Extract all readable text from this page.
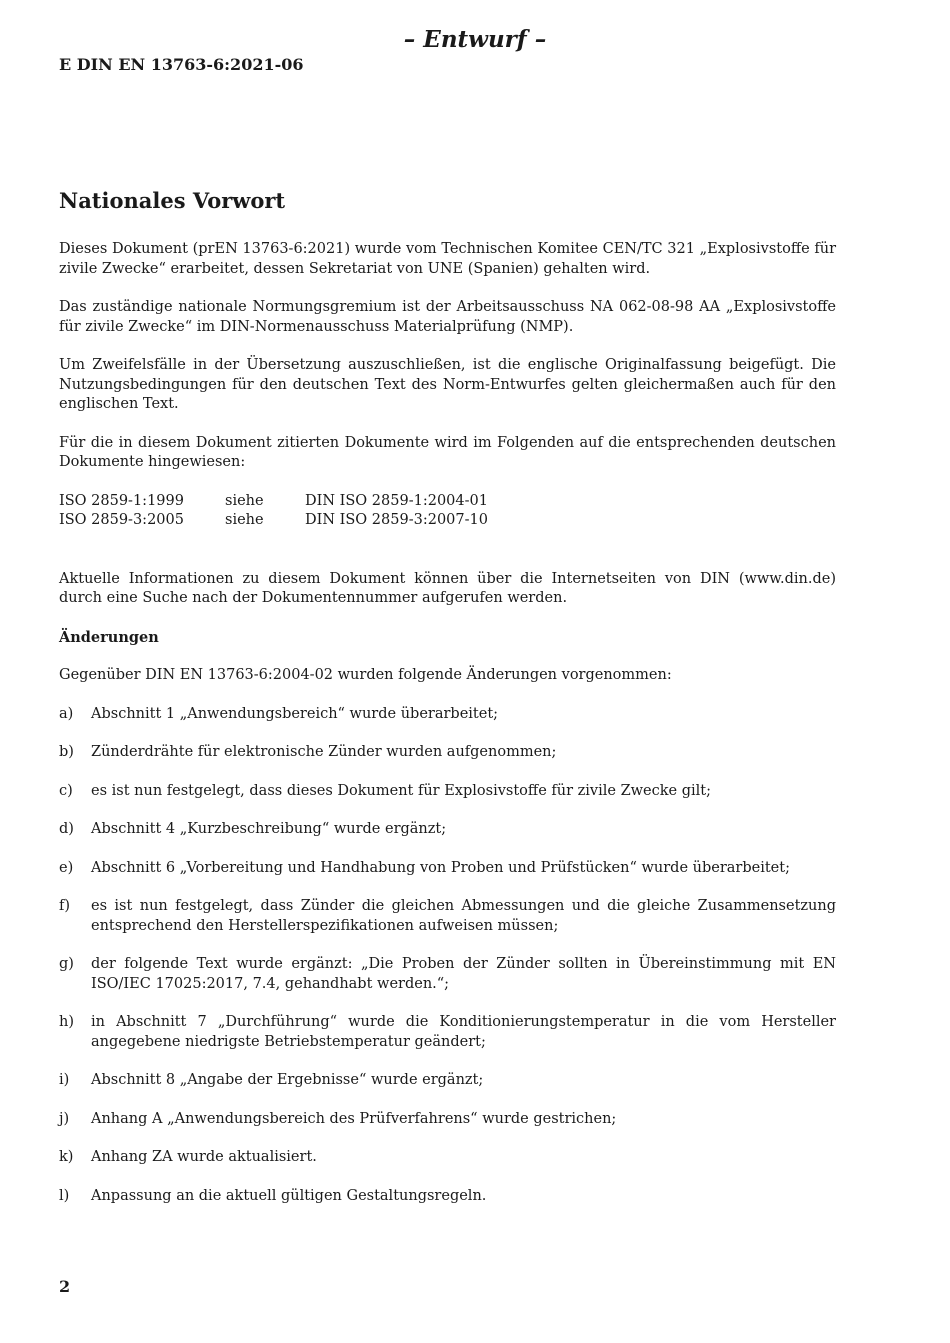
– Entwurf –
E DIN EN 13763-6:2021-06
Nationales Vorwort

Dieses Dokument (prEN 13763-6:2021) wurde vom Technischen Komitee CEN/TC 321 „Explosivstoffe für zivile Zwecke“ erarbeitet, dessen Sekretariat von UNE (Spanien) gehalten wird.

Das zuständige nationale Normungsgremium ist der Arbeitsausschuss NA 062-08-98 AA „Explosivstoffe für zivile Zwecke“ im DIN-Normenausschuss Materialprüfung (NMP).

Um Zweifelsfälle in der Übersetzung auszuschließen, ist die englische Originalfassung beigefügt. Die Nutzungsbedingungen für den deutschen Text des Norm-Entwurfes gelten gleichermaßen auch für den englischen Text.

Für die in diesem Dokument zitierten Dokumente wird im Folgenden auf die entsprechenden deutschen Dokumente hingewiesen:

ISO 2859-1:1999	siehe	DIN ISO 2859-1:2004-01
ISO 2859-3:2005	siehe	DIN ISO 2859-3:2007-10

Aktuelle Informationen zu diesem Dokument können über die Internetseiten von DIN (www.din.de) durch eine Suche nach der Dokumentennummer aufgerufen werden.

Änderungen

Gegenüber DIN EN 13763-6:2004-02 wurden folgende Änderungen vorgenommen:

a)	Abschnitt 1 „Anwendungsbereich“ wurde überarbeitet;
b)	Zünderdrähte für elektronische Zünder wurden aufgenommen;
c)	es ist nun festgelegt, dass dieses Dokument für Explosivstoffe für zivile Zwecke gilt;
d)	Abschnitt 4 „Kurzbeschreibung“ wurde ergänzt;
e)	Abschnitt 6 „Vorbereitung und Handhabung von Proben und Prüfstücken“ wurde überarbeitet;
f)	es ist nun festgelegt, dass Zünder die gleichen Abmessungen und die gleiche Zusammensetzung entsprechend den Herstellerspezifikationen aufweisen müssen;
g)	der folgende Text wurde ergänzt: „Die Proben der Zünder sollten in Übereinstimmung mit EN ISO/IEC 17025:2017, 7.4, gehandhabt werden.“;
h)	in Abschnitt 7 „Durchführung“ wurde die Konditionierungstemperatur in die vom Hersteller angegebene niedrigste Betriebstemperatur geändert;
i)	Abschnitt 8 „Angabe der Ergebnisse“ wurde ergänzt;
j)	Anhang A „Anwendungsbereich des Prüfverfahrens“ wurde gestrichen;
k)	Anhang ZA wurde aktualisiert.
l)	Anpassung an die aktuell gültigen Gestaltungsregeln.
2
